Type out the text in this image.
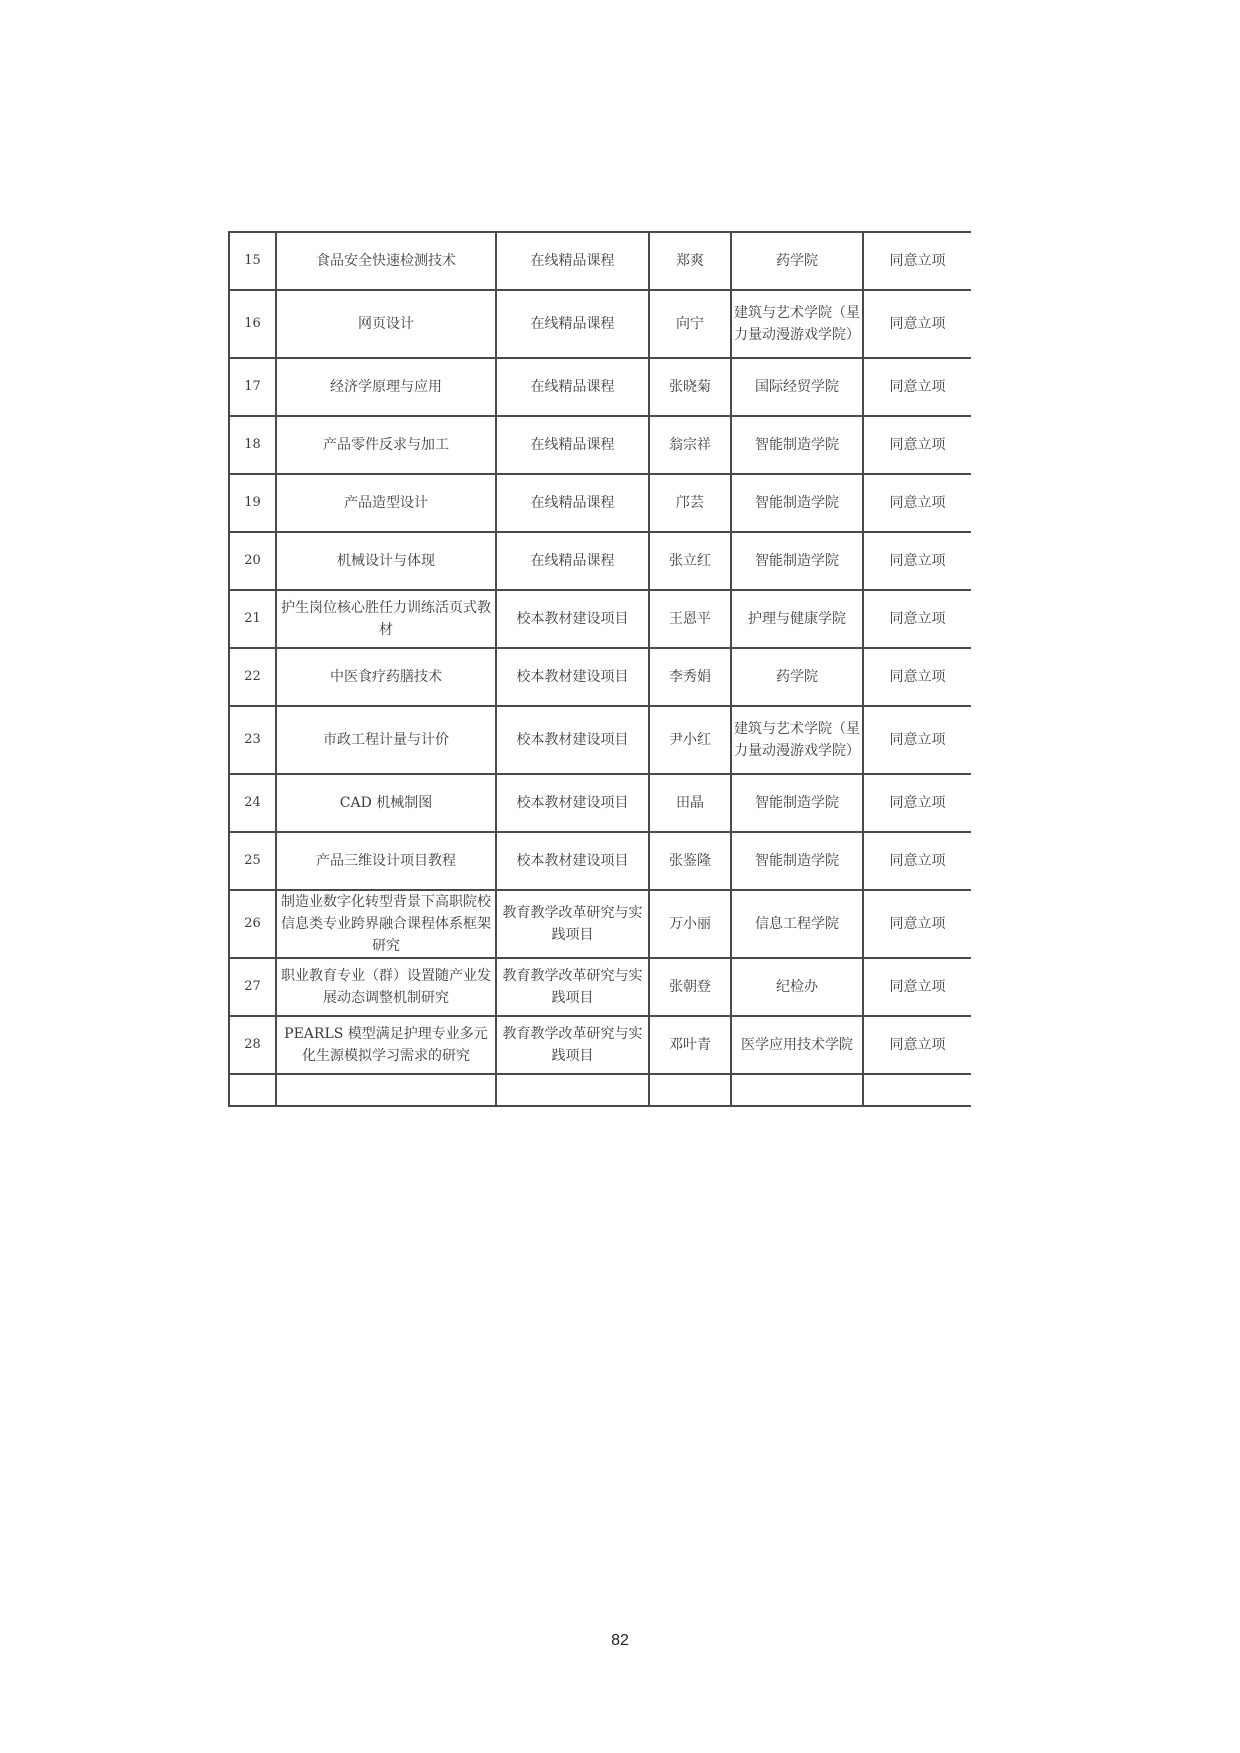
15	食品安全快速检测技术	在线精品课程	郑爽	药学院	同意立项
16	网页设计	在线精品课程	向宁	建筑与艺术学院（星力量动漫游戏学院）	同意立项
17	经济学原理与应用	在线精品课程	张晓菊	国际经贸学院	同意立项
18	产品零件反求与加工	在线精品课程	翁宗祥	智能制造学院	同意立项
19	产品造型设计	在线精品课程	邝芸	智能制造学院	同意立项
20	机械设计与体现	在线精品课程	张立红	智能制造学院	同意立项
21	护生岗位核心胜任力训练活页式教材	校本教材建设项目	王恩平	护理与健康学院	同意立项
22	中医食疗药膳技术	校本教材建设项目	李秀娟	药学院	同意立项
23	市政工程计量与计价	校本教材建设项目	尹小红	建筑与艺术学院（星力量动漫游戏学院）	同意立项
24	CAD 机械制图	校本教材建设项目	田晶	智能制造学院	同意立项
25	产品三维设计项目教程	校本教材建设项目	张鉴隆	智能制造学院	同意立项
26	制造业数字化转型背景下高职院校信息类专业跨界融合课程体系框架研究	教育教学改革研究与实践项目	万小丽	信息工程学院	同意立项
27	职业教育专业（群）设置随产业发展动态调整机制研究	教育教学改革研究与实践项目	张朝登	纪检办	同意立项
28	PEARLS 模型满足护理专业多元化生源模拟学习需求的研究	教育教学改革研究与实践项目	邓叶青	医学应用技术学院	同意立项

82
